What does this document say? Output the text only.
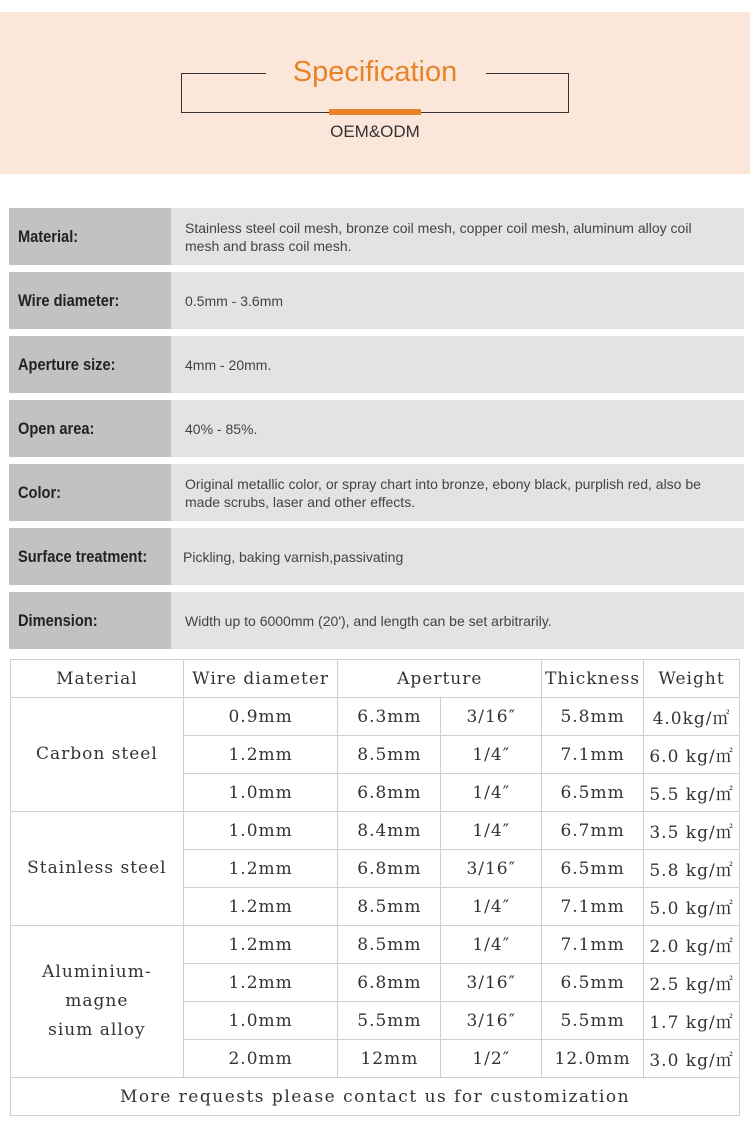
Specification
OEM&ODM
Material:	Stainless steel coil mesh, bronze coil mesh, copper coil mesh, aluminum alloy coil mesh and brass coil mesh.
Wire diameter:	0.5mm - 3.6mm
Aperture size:	4mm - 20mm.
Open area:	40% - 85%.
Color:	Original metallic color, or spray chart into bronze, ebony black, purplish red, also be made scrubs, laser and other effects.
Surface treatment:	Pickling, baking varnish,passivating
Dimension:	Width up to 6000mm (20'), and length can be set arbitrarily.
Material	Wire diameter	Aperture		Thickness	Weight
Carbon steel	0.9mm	6.3mm	3/16″	5.8mm	4.0kg/㎡
	1.2mm	8.5mm	1/4″	7.1mm	6.0 kg/㎡
	1.0mm	6.8mm	1/4″	6.5mm	5.5 kg/㎡
Stainless steel	1.0mm	8.4mm	1/4″	6.7mm	3.5 kg/㎡
	1.2mm	6.8mm	3/16″	6.5mm	5.8 kg/㎡
	1.2mm	8.5mm	1/4″	7.1mm	5.0 kg/㎡
Aluminium-magne
sium alloy	1.2mm	8.5mm	1/4″	7.1mm	2.0 kg/㎡
	1.2mm	6.8mm	3/16″	6.5mm	2.5 kg/㎡
	1.0mm	5.5mm	3/16″	5.5mm	1.7 kg/㎡
	2.0mm	12mm	1/2″	12.0mm	3.0 kg/㎡
More requests please contact us for customization					
